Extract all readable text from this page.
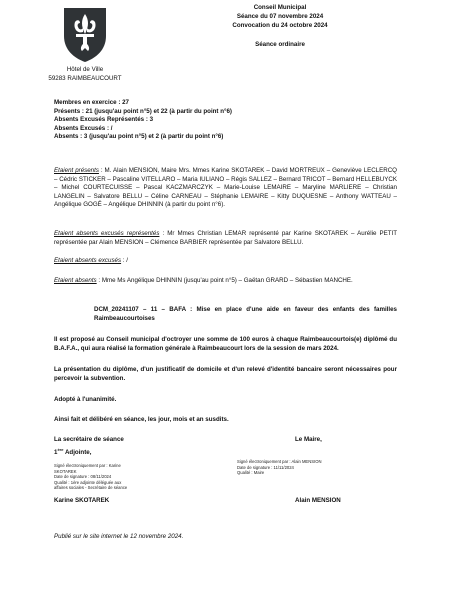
Hôtel de Ville
59283 RAIMBEAUCOURT
Conseil Municipal
Séance du 07 novembre 2024
Convocation du 24 octobre 2024
Séance ordinaire
Membres en exercice : 27
Présents : 21 (jusqu'au point n°5) et 22 (à partir du point n°6)
Absents Excusés Représentés : 3
Absents Excusés : /
Absents : 3 (jusqu'au point n°5) et 2 (à partir du point n°6)
Etaient présents : M. Alain MENSION, Maire Mrs. Mmes Karine SKOTAREK – David MORTREUX – Geneviève LECLERCQ – Cédric STICKER – Pascaline VITELLARO – Maria IULIANO – Régis SALLEZ – Bernard TRICOT – Bernard HELLEBUYCK – Michel COURTECUISSE – Pascal KACZMARCZYK – Marie-Louise LEMAIRE – Maryline MARLIERE – Christian LANGELIN – Salvatore BELLU – Céline CARNEAU – Stéphanie LEMAIRE – Kitty DUQUESNE – Anthony WATTEAU – Angélique GOGÉ – Angélique DHINNIN (à partir du point n°6).
Etaient absents excusés représentés : Mr Mmes Christian LEMAR représenté par Karine SKOTAREK – Aurélie PETIT représentée par Alain MENSION – Clémence BARBIER représentée par Salvatore BELLU.
Etaient absents excusés : /
Etaient absents : Mme Ms Angélique DHINNIN (jusqu'au point n°5) – Gaëtan GRARD – Sébastien MANCHE.
DCM_20241107 – 11 – BAFA : Mise en place d'une aide en faveur des enfants des familles Raimbeaucourtoises
Il est proposé au Conseil municipal d'octroyer une somme de 100 euros à chaque Raimbeaucourtois(e) diplômé du B.A.F.A., qui aura réalisé la formation générale à Raimbeaucourt lors de la session de mars 2024.
La présentation du diplôme, d'un justificatif de domicile et d'un relevé d'identité bancaire seront nécessaires pour percevoir la subvention.
Adopté à l'unanimité.
Ainsi fait et délibéré en séance, les jour, mois et an susdits.
La secrétaire de séance
1ère Adjointe,
Signé électroniquement par : Karine
SKOTAREK
Date de signature : 08/11/2024
Qualité : 1ère adjointe déléguée aux
affaires sociales - Secrétaire de séance
Karine SKOTAREK
Le Maire,
Signé électroniquement par : Alain MENSION
Date de signature : 11/11/2024
Qualité : Maire
Alain MENSION
Publié sur le site internet le 12 novembre 2024.
